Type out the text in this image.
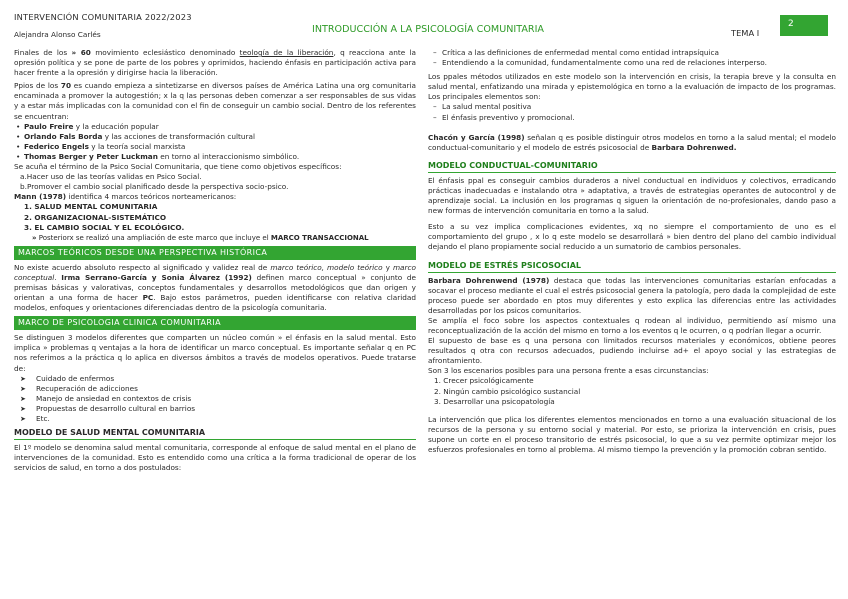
INTERVENCIÓN COMUNITARIA 2022/2023
Alejandra Alonso Carlés	INTRODUCCIÓN A LA PSICOLOGÍA COMUNITARIA	TEMA I
2

Finales de los » 60 movimiento eclesiástico denominado teología de la liberación, q reacciona ante la opresión política y se pone de parte de los pobres y oprimidos, haciendo énfasis en participación activa para hacer frente a la opresión y dirigirse hacia la liberación.

Ppios de los 70 es cuando empieza a sintetizarse en diversos países de América Latina una org comunitaria encaminada a promover la autogestión; x la q las personas deben comenzar a ser responsables de sus vidas y a estar más implicadas con la comunidad con el fin de conseguir un cambio social. Dentro de los referentes se encuentran:

• Paulo Freire y la educación popular
• Orlando Fals Borda y las acciones de transformación cultural
• Federico Engels y la teoría social marxista
• Thomas Berger y Peter Luckman en torno al interaccionismo simbólico.

Se acuña el término de la Psico Social Comunitaria, que tiene como objetivos específicos:

a.Hacer uso de las teorías validas en Psico Social.

b.Promover el cambio social planificado desde la perspectiva socio-psico.

Mann (1978) identifica 4 marcos teóricos norteamericanos:

1. SALUD MENTAL COMUNITARIA

2. ORGANIZACIONAL-SISTEMÁTICO

3. EL CAMBIO SOCIAL Y EL ECOLÓGICO.

» Posteriorx se realizó una ampliación de este marco que incluye el MARCO TRANSACCIONAL

MARCOS TEÓRICOS DESDE UNA PERSPECTIVA HISTÓRICA

No existe acuerdo absoluto respecto al significado y validez real de marco teórico, modelo teórico y marco conceptual. Irma Serrano-García y Sonia Álvarez (1992) definen marco conceptual » conjunto de premisas básicas y valorativas, conceptos fundamentales y desarrollos metodológicos que dan origen y orientan a una forma de hacer PC. Bajo estos parámetros, pueden identificarse con relativa claridad modelos, enfoques y orientaciones diferenciadas dentro de la psicología comunitaria.

MARCO DE PSICOLOGIA CLINICA COMUNITARIA

Se distinguen 3 modelos diferentes que comparten un núcleo común » el énfasis en la salud mental. Esto implica » problemas q ventajas a la hora de identificar un marco conceptual. Es importante señalar q en PC nos referimos a la práctica q lo aplica en diversos ámbitos a través de modelos operativos. Puede tratarse de:

➤ Cuidado de enfermos
➤ Recuperación de adicciones
➤ Manejo de ansiedad en contextos de crisis
➤ Propuestas de desarrollo cultural en barrios
➤ Etc.
MODELO DE SALUD MENTAL COMUNITARIA

El 1º modelo se denomina salud mental comunitaria, corresponde al enfoque de salud mental en el plano de intervenciones de la comunidad. Esto es entendido como una crítica a la forma tradicional de operar de los servicios de salud, en torno a dos postulados:

– Crítica a las definiciones de enfermedad mental como entidad intrapsíquica
– Entendiendo a la comunidad, fundamentalmente como una red de relaciones interperso.

Los ppales métodos utilizados en este modelo son la intervención en crisis, la terapia breve y la consulta en salud mental, enfatizando una mirada y epistemológica en torno a la evaluación de impacto de los programas. Los principales elementos son:

– La salud mental positiva
– El énfasis preventivo y promocional.

Chacón y García (1998) señalan q es posible distinguir otros modelos en torno a la salud mental; el modelo conductual-comunitario y el modelo de estrés psicosocial de Barbara Dohrenwed.

MODELO CONDUCTUAL-COMUNITARIO

El énfasis ppal es conseguir cambios duraderos a nivel conductual en individuos y colectivos, erradicando prácticas inadecuadas e instalando otra » adaptativa, a través de estrategias operantes de autocontrol y de aprendizaje social. La inclusión en los programas q siguen la orientación de no-profesionales, dando paso a new formas de intervención comunitaria en torno a la salud.

Esto a su vez implica complicaciones evidentes, xq no siempre el comportamiento de uno es el comportamiento del grupo , x lo q este modelo se desarrollará » bien dentro del plano del cambio individual dejando el plano propiamente social reducido a un sumatorio de cambios personales.

MODELO DE ESTRÉS PSICOSOCIAL

Barbara Dohrenwend (1978) destaca que todas las intervenciones comunitarias estarían enfocadas a socavar el proceso mediante el cual el estrés psicosocial genera la patología, pero dada la complejidad de este proceso puede ser abordado en ptos muy diferentes y esto explica las diferencias entre las actividades desarrolladas por los psicos comunitarios.

Se amplía el foco sobre los aspectos contextuales q rodean al individuo, permitiendo así mismo una reconceptualización de la acción del mismo en torno a los eventos q le ocurren, o q podrían llegar a ocurrir.

El supuesto de base es q una persona con limitados recursos materiales y económicos, obtiene peores resultados q otra con recursos adecuados, pudiendo incluirse ad+ el apoyo social y las estrategias de afrontamiento.

Son 3 los escenarios posibles para una persona frente a esas circunstancias:

1. Crecer psicológicamente

2. Ningún cambio psicológico sustancial

3. Desarrollar una psicopatología

La intervención que plica los diferentes elementos mencionados en torno a una evaluación situacional de los recursos de la persona y su entorno social y material. Por esto, se prioriza la intervención en crisis, pues supone un corte en el proceso transitorio de estrés psicosocial, lo que a su vez permite optimizar mejor los esfuerzos profesionales en torno al problema. Al mismo tiempo la prevención y la promoción cobran sentido.
